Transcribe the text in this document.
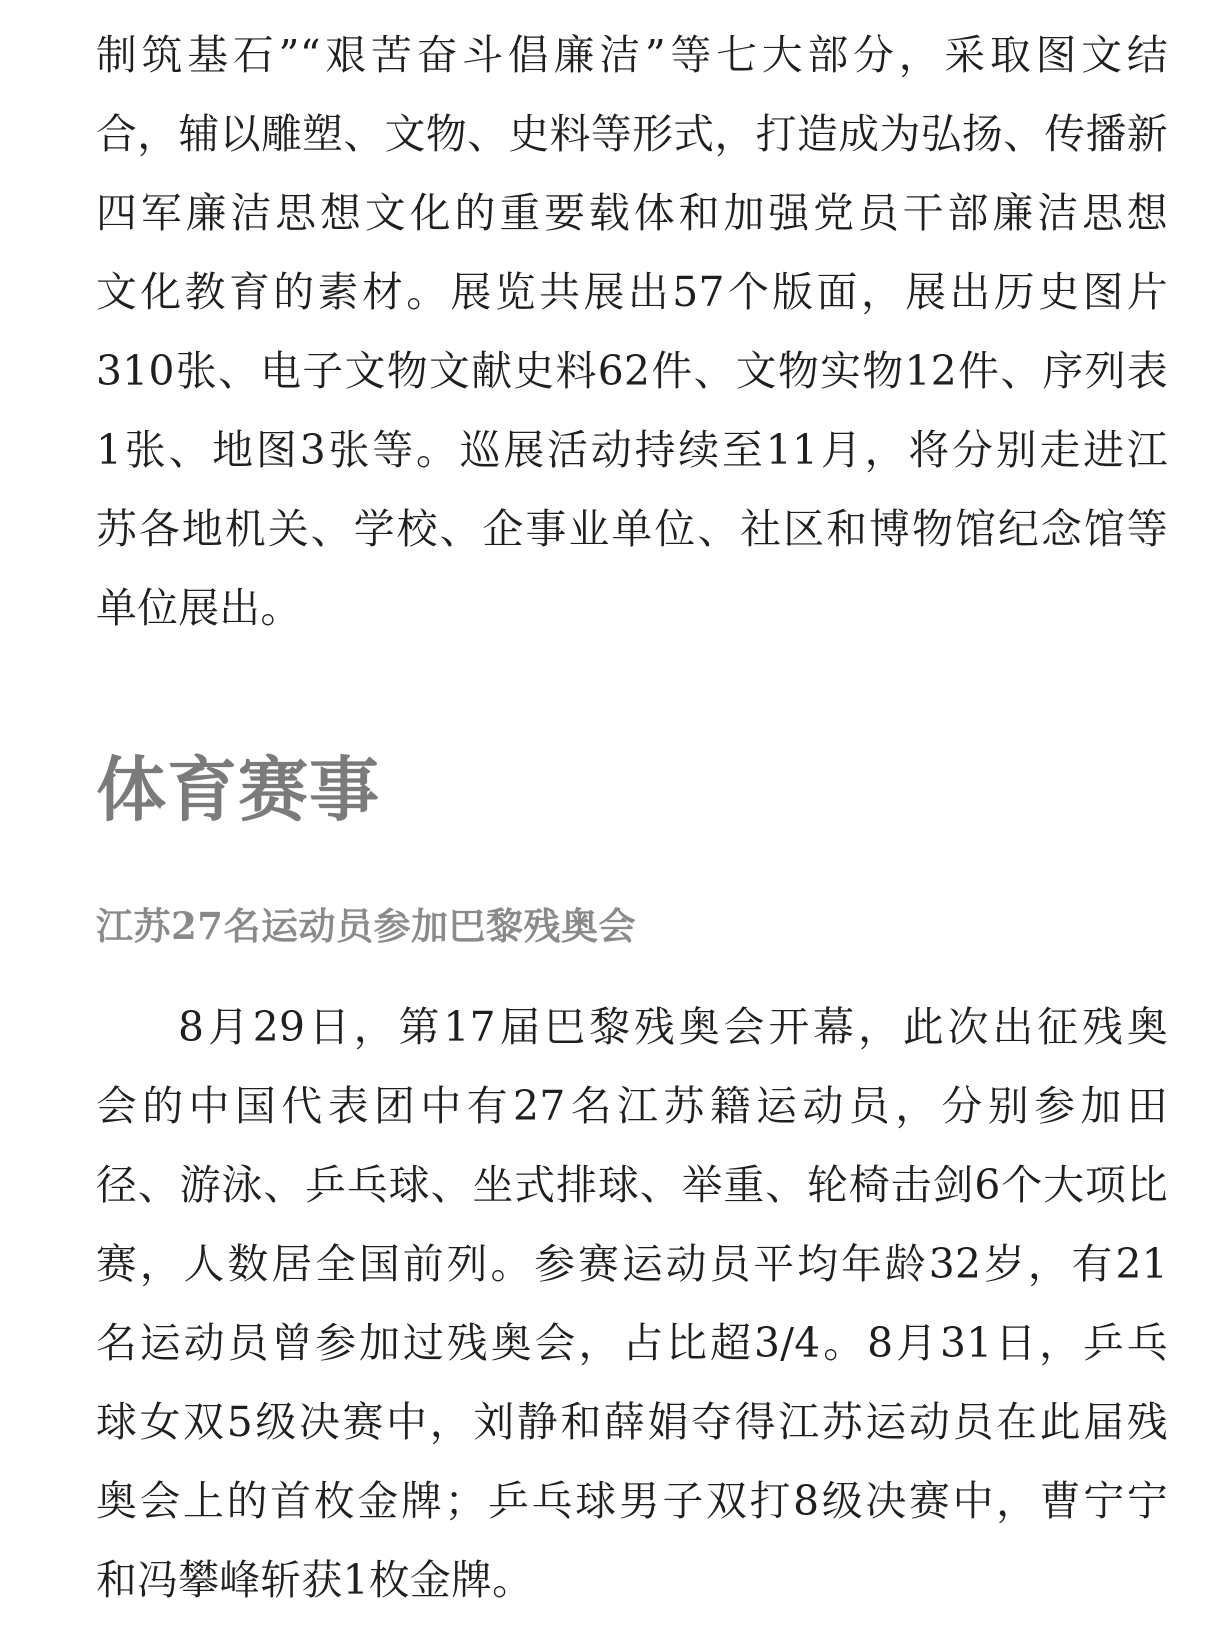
制筑基石”“艰苦奋斗倡廉洁”等七大部分，采取图文结
合，辅以雕塑、文物、史料等形式，打造成为弘扬、传播新
四军廉洁思想文化的重要载体和加强党员干部廉洁思想
文化教育的素材。展览共展出57个版面，展出历史图片
310张、电子文物文献史料62件、文物实物12件、序列表
1张、地图3张等。巡展活动持续至11月，将分别走进江
苏各地机关、学校、企事业单位、社区和博物馆纪念馆等
单位展出。
体育赛事
江苏27名运动员参加巴黎残奥会
8月29日，第17届巴黎残奥会开幕，此次出征残奥
会的中国代表团中有27名江苏籍运动员，分别参加田
径、游泳、乒乓球、坐式排球、举重、轮椅击剑6个大项比
赛，人数居全国前列。参赛运动员平均年龄32岁，有21
名运动员曾参加过残奥会，占比超3/4。8月31日，乒乓
球女双5级决赛中，刘静和薛娟夺得江苏运动员在此届残
奥会上的首枚金牌；乒乓球男子双打8级决赛中，曹宁宁
和冯攀峰斩获1枚金牌。
